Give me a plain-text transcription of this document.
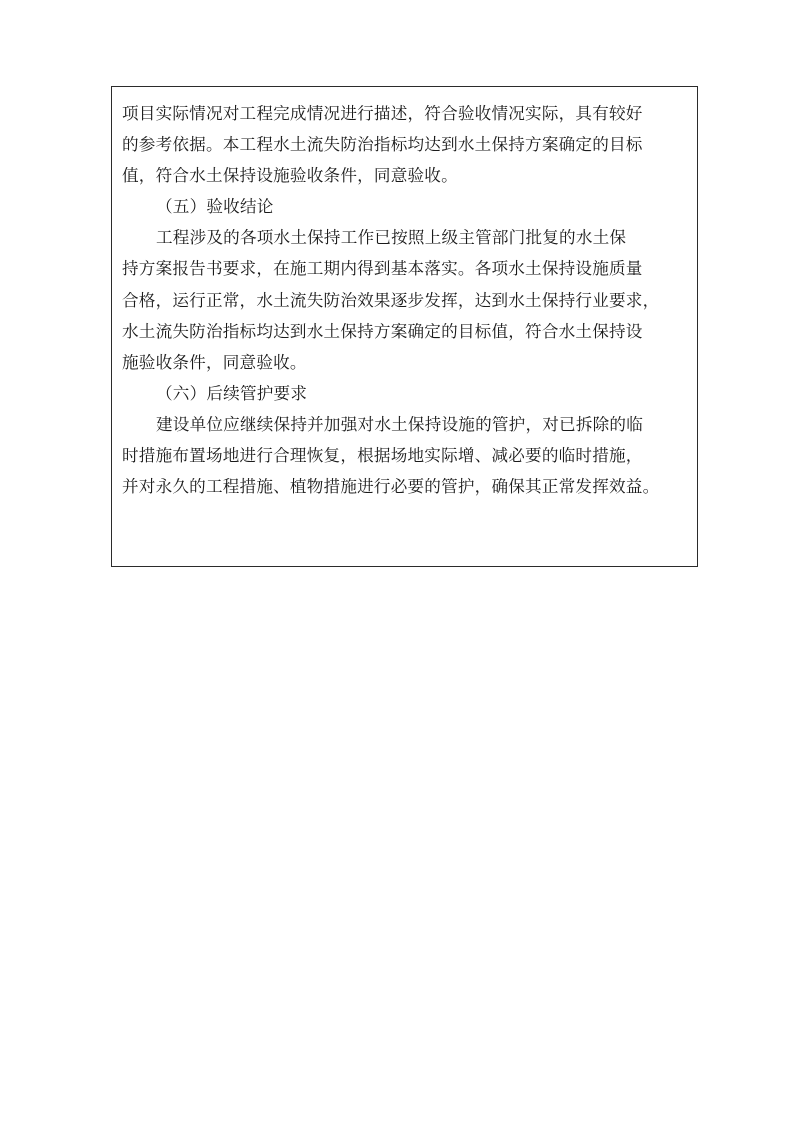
项目实际情况对工程完成情况进行描述，符合验收情况实际，具有较好
的参考依据。本工程水土流失防治指标均达到水土保持方案确定的目标
值，符合水土保持设施验收条件，同意验收。

（五）验收结论

工程涉及的各项水土保持工作已按照上级主管部门批复的水土保
持方案报告书要求，在施工期内得到基本落实。各项水土保持设施质量
合格，运行正常，水土流失防治效果逐步发挥，达到水土保持行业要求，
水土流失防治指标均达到水土保持方案确定的目标值，符合水土保持设
施验收条件，同意验收。

（六）后续管护要求

建设单位应继续保持并加强对水土保持设施的管护，对已拆除的临
时措施布置场地进行合理恢复，根据场地实际增、减必要的临时措施，
并对永久的工程措施、植物措施进行必要的管护，确保其正常发挥效益。
